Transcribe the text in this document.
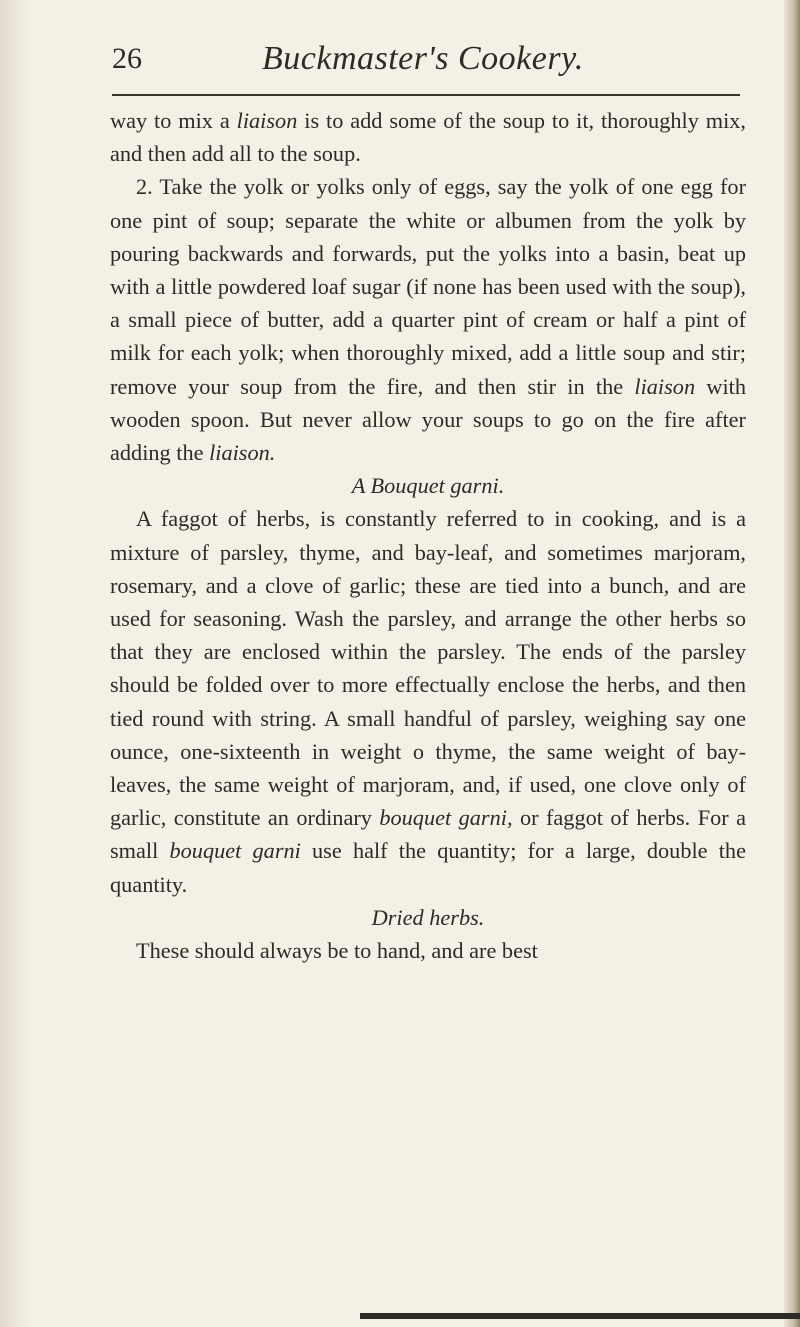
26	Buckmaster's Cookery.

way to mix a liaison is to add some of the soup to it, thoroughly mix, and then add all to the soup.

2. Take the yolk or yolks only of eggs, say the yolk of one egg for one pint of soup; separate the white or albumen from the yolk by pouring backwards and forwards, put the yolks into a basin, beat up with a little powdered loaf sugar (if none has been used with the soup), a small piece of butter, add a quarter pint of cream or half a pint of milk for each yolk; when thoroughly mixed, add a little soup and stir; remove your soup from the fire, and then stir in the liaison with wooden spoon. But never allow your soups to go on the fire after adding the liaison.

A Bouquet garni.

A faggot of herbs, is constantly referred to in cooking, and is a mixture of parsley, thyme, and bay-leaf, and sometimes marjoram, rosemary, and a clove of garlic; these are tied into a bunch, and are used for seasoning. Wash the parsley, and arrange the other herbs so that they are enclosed within the parsley. The ends of the parsley should be folded over to more effectually enclose the herbs, and then tied round with string. A small handful of parsley, weighing say one ounce, one-sixteenth in weight o thyme, the same weight of bay-leaves, the same weight of marjoram, and, if used, one clove only of garlic, constitute an ordinary bouquet garni, or faggot of herbs. For a small bouquet garni use half the quantity; for a large, double the quantity.

Dried herbs.

These should always be to hand, and are best
